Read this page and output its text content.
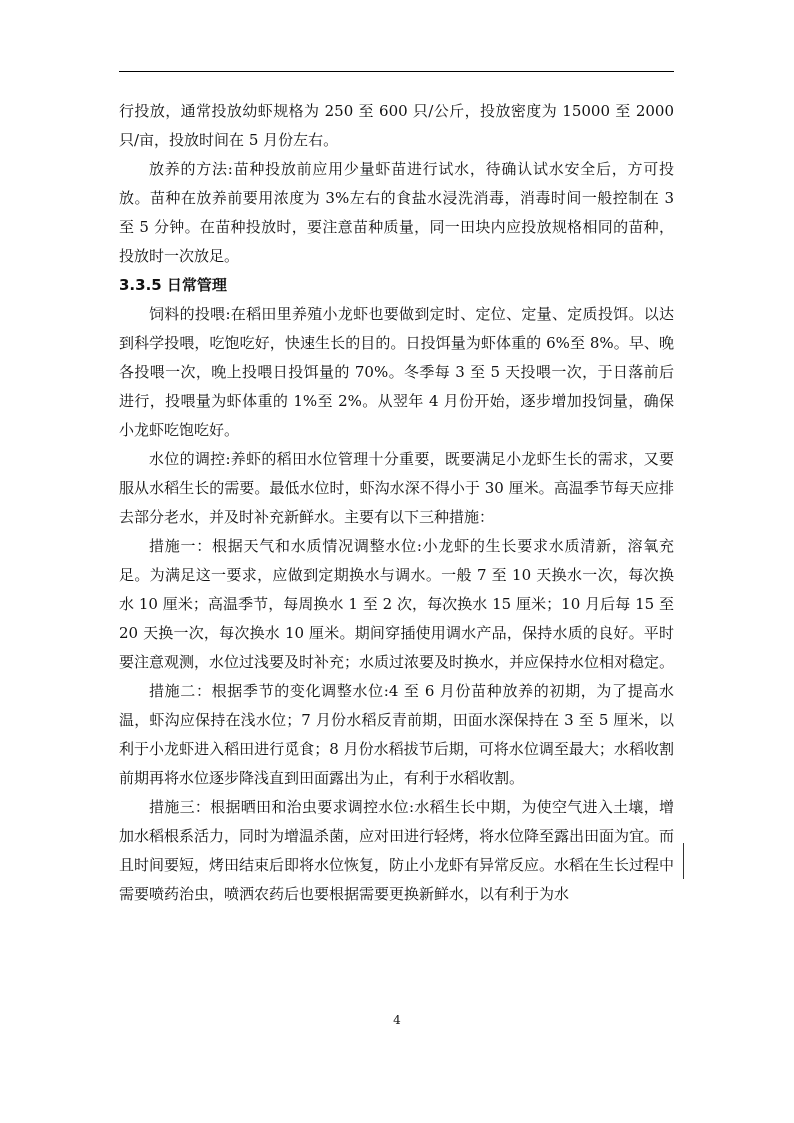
行投放，通常投放幼虾规格为 250 至 600 只/公斤，投放密度为 15000 至 2000 只/亩，投放时间在 5 月份左右。

放养的方法:苗种投放前应用少量虾苗进行试水，待确认试水安全后，方可投放。苗种在放养前要用浓度为 3%左右的食盐水浸洗消毒，消毒时间一般控制在 3 至 5 分钟。在苗种投放时，要注意苗种质量，同一田块内应投放规格相同的苗种，投放时一次放足。

3.3.5 日常管理

饲料的投喂:在稻田里养殖小龙虾也要做到定时、定位、定量、定质投饵。以达到科学投喂，吃饱吃好，快速生长的目的。日投饵量为虾体重的 6%至 8%。早、晚各投喂一次，晚上投喂日投饵量的 70%。冬季每 3 至 5 天投喂一次，于日落前后进行，投喂量为虾体重的 1%至 2%。从翌年 4 月份开始，逐步增加投饲量，确保小龙虾吃饱吃好。

水位的调控:养虾的稻田水位管理十分重要，既要满足小龙虾生长的需求，又要服从水稻生长的需要。最低水位时，虾沟水深不得小于 30 厘米。高温季节每天应排去部分老水，并及时补充新鲜水。主要有以下三种措施：

措施一：根据天气和水质情况调整水位:小龙虾的生长要求水质清新，溶氧充足。为满足这一要求，应做到定期换水与调水。一般 7 至 10 天换水一次，每次换水 10 厘米；高温季节，每周换水 1 至 2 次，每次换水 15 厘米；10 月后每 15 至 20 天换一次，每次换水 10 厘米。期间穿插使用调水产品，保持水质的良好。平时要注意观测，水位过浅要及时补充；水质过浓要及时换水，并应保持水位相对稳定。

措施二：根据季节的变化调整水位:4 至 6 月份苗种放养的初期，为了提高水温，虾沟应保持在浅水位；7 月份水稻反青前期，田面水深保持在 3 至 5 厘米，以利于小龙虾进入稻田进行觅食；8 月份水稻拔节后期，可将水位调至最大；水稻收割前期再将水位逐步降浅直到田面露出为止，有利于水稻收割。

措施三：根据晒田和治虫要求调控水位:水稻生长中期，为使空气进入土壤，增加水稻根系活力，同时为增温杀菌，应对田进行轻烤，将水位降至露出田面为宜。而且时间要短，烤田结束后即将水位恢复，防止小龙虾有异常反应。水稻在生长过程中需要喷药治虫，喷洒农药后也要根据需要更换新鲜水，以有利于为水

4
